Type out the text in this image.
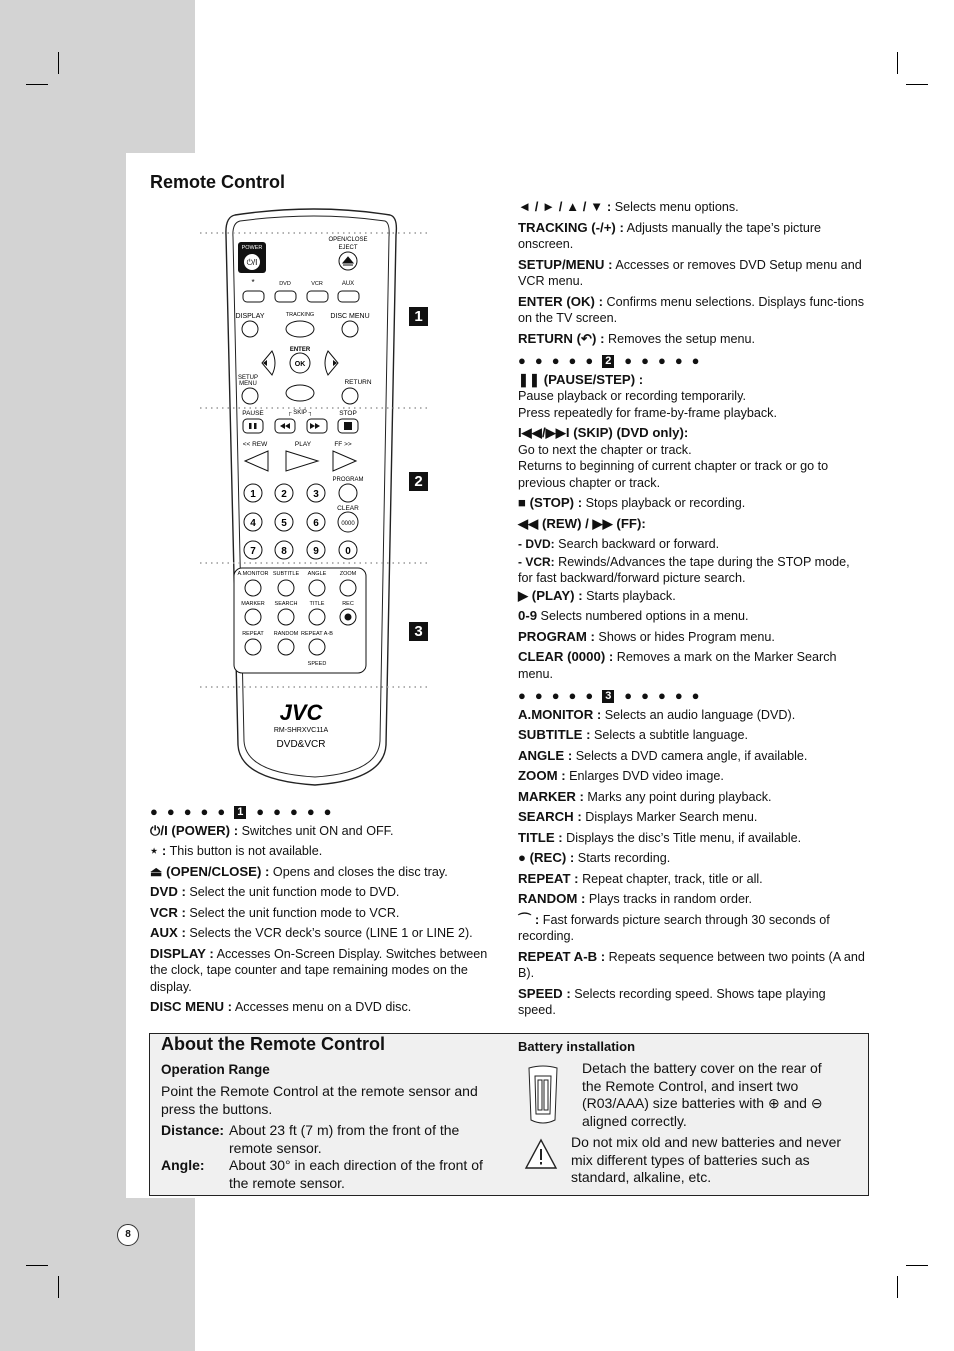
Remote Control
POWER
⏻/I
OPEN/CLOSE
EJECT
*	DVD	VCR	AUX
DISPLAY	TRACKING DISC MENU
ENTER
OK
SETUP
MENU	RETURN
PAUSE	┌ SKIP ┐	STOP
<< REW	PLAY	FF >>
1	2	3
4	5	6
7	8	9	0
PROGRAM
CLEAR
0000
A.MONITOR SUBTITLE ANGLE ZOOM
MARKER SEARCH TITLE	REC
REPEAT RANDOM REPEAT A-B
SPEED
JVC
RM-SHRXVC11A
DVD&VCR
1
2
3
●●●●● 1 ●●●●●

⏻/I (POWER) : Switches unit ON and OFF.

⋆ : This button is not available.

⏏ (OPEN/CLOSE) : Opens and closes the disc tray.

DVD : Select the unit function mode to DVD.

VCR : Select the unit function mode to VCR.

AUX : Selects the VCR deck’s source (LINE 1 or LINE 2).

DISPLAY : Accesses On-Screen Display. Switches between the clock, tape counter and tape remaining modes on the display.

DISC MENU : Accesses menu on a DVD disc.

◄ / ► / ▲ / ▼ : Selects menu options.

TRACKING (-/+) : Adjusts manually the tape’s picture onscreen.

SETUP/MENU : Accesses or removes DVD Setup menu and VCR menu.

ENTER (OK) : Confirms menu selections. Displays func-tions on the TV screen.

RETURN (↶) : Removes the setup menu.

●●●●● 2 ●●●●●

❚❚ (PAUSE/STEP) :
Pause playback or recording temporarily.
Press repeatedly for frame-by-frame playback.

I◀◀/▶▶I (SKIP) (DVD only):
Go to next the chapter or track.
Returns to beginning of current chapter or track or go to previous chapter or track.

■ (STOP) : Stops playback or recording.

◀◀ (REW) / ▶▶ (FF):

- DVD: Search backward or forward.

- VCR: Rewinds/Advances the tape during the STOP mode, for fast backward/forward picture search.

▶ (PLAY) : Starts playback.

0-9 Selects numbered options in a menu.

PROGRAM : Shows or hides Program menu.

CLEAR (0000) : Removes a mark on the Marker Search menu.

●●●●● 3 ●●●●●

A.MONITOR : Selects an audio language (DVD).

SUBTITLE : Selects a subtitle language.

ANGLE : Selects a DVD camera angle, if available.

ZOOM : Enlarges DVD video image.

MARKER : Marks any point during playback.

SEARCH : Displays Marker Search menu.

TITLE : Displays the disc’s Title menu, if available.

● (REC) : Starts recording.

REPEAT : Repeat chapter, track, title or all.

RANDOM : Plays tracks in random order.

⌒ : Fast forwards picture search through 30 seconds of recording.

REPEAT A-B : Repeats sequence between two points (A and B).

SPEED : Selects recording speed. Shows tape playing speed.

About the Remote Control
Operation Range
Point the Remote Control at the remote sensor and press the buttons.
Distance: About 23 ft (7 m) from the front of the remote sensor.
Angle: About 30° in each direction of the front of the remote sensor.
Battery installation
Detach the battery cover on the rear of the Remote Control, and insert two (R03/AAA) size batteries with ⊕ and ⊖ aligned correctly.
Do not mix old and new batteries and never mix different types of batteries such as standard, alkaline, etc.
8
